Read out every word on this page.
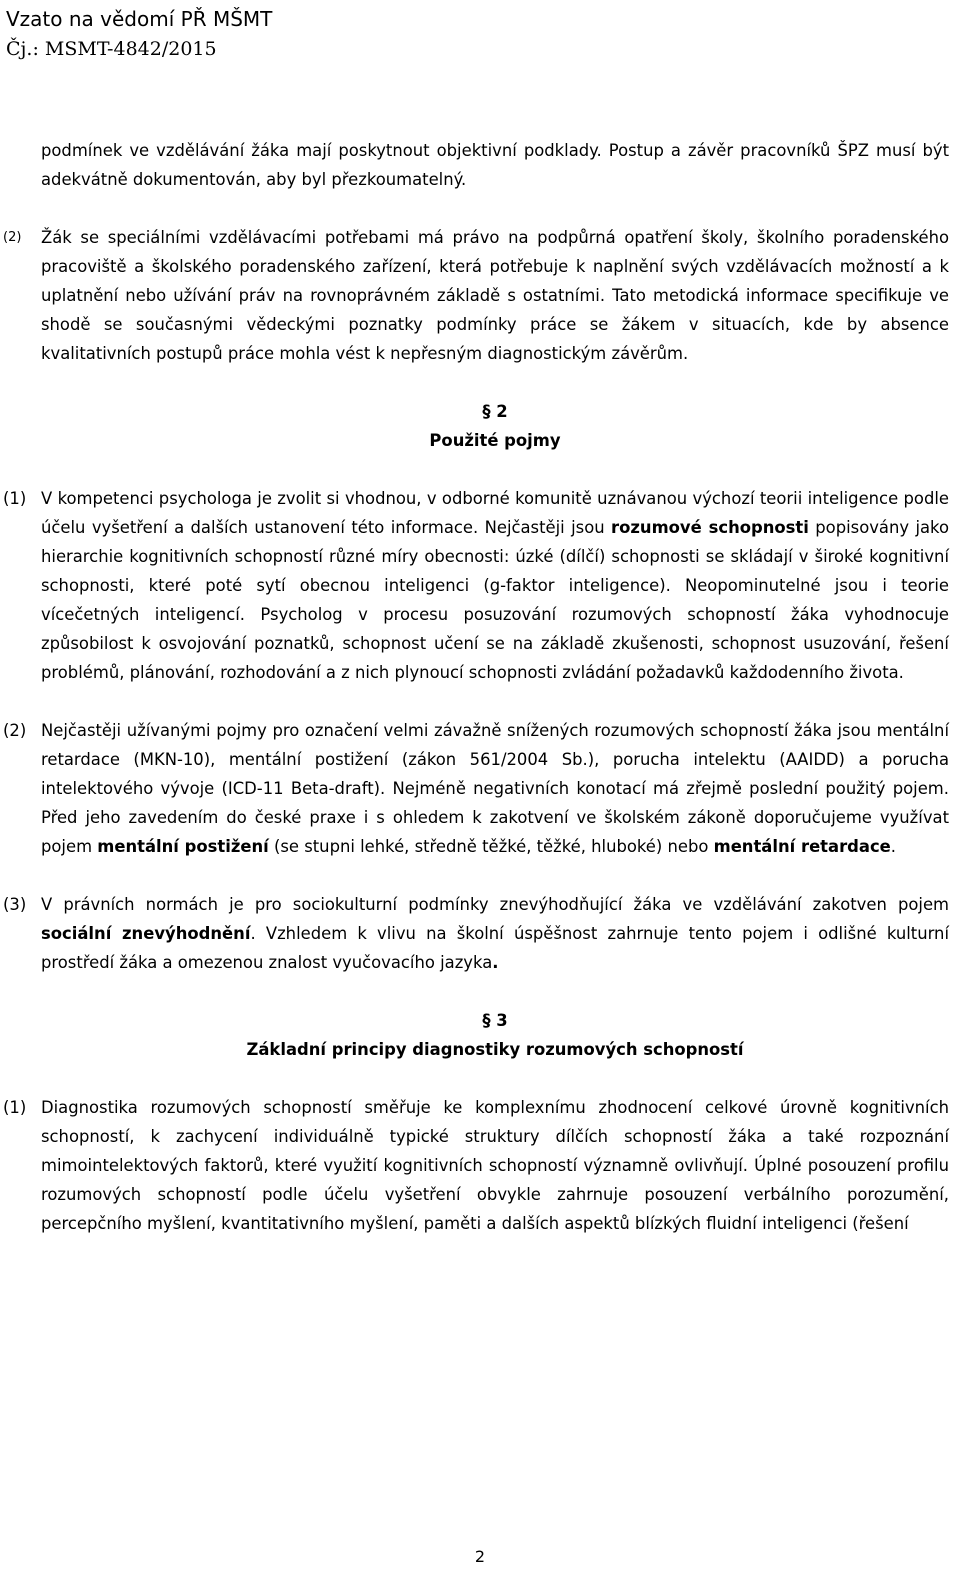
Vzato na vědomí PŘ MŠMT
Čj.: MSMT-4842/2015

podmínek ve vzdělávání žáka mají poskytnout objektivní podklady. Postup a závěr pracovníků ŠPZ musí být adekvátně dokumentován, aby byl přezkoumatelný.

(2) Žák se speciálními vzdělávacími potřebami má právo na podpůrná opatření školy, školního poradenského pracoviště a školského poradenského zařízení, která potřebuje k naplnění svých vzdělávacích možností a k uplatnění nebo užívání práv na rovnoprávném základě s ostatními. Tato metodická informace specifikuje ve shodě se současnými vědeckými poznatky podmínky práce se žákem v situacích, kde by absence kvalitativních postupů práce mohla vést k nepřesným diagnostickým závěrům.
§ 2
Použité pojmy
(1) V kompetenci psychologa je zvolit si vhodnou, v odborné komunitě uznávanou výchozí teorii inteligence podle účelu vyšetření a dalších ustanovení této informace. Nejčastěji jsou rozumové schopnosti popisovány jako hierarchie kognitivních schopností různé míry obecnosti: úzké (dílčí) schopnosti se skládají v široké kognitivní schopnosti, které poté sytí obecnou inteligenci (g-faktor inteligence). Neopominutelné jsou i teorie vícečetných inteligencí. Psycholog v procesu posuzování rozumových schopností žáka vyhodnocuje způsobilost k osvojování poznatků, schopnost učení se na základě zkušenosti, schopnost usuzování, řešení problémů, plánování, rozhodování a z nich plynoucí schopnosti zvládání požadavků každodenního života.
(2) Nejčastěji užívanými pojmy pro označení velmi závažně snížených rozumových schopností žáka jsou mentální retardace (MKN-10), mentální postižení (zákon 561/2004 Sb.), porucha intelektu (AAIDD) a porucha intelektového vývoje (ICD-11 Beta-draft). Nejméně negativních konotací má zřejmě poslední použitý pojem. Před jeho zavedením do české praxe i s ohledem k zakotvení ve školském zákoně doporučujeme využívat pojem mentální postižení (se stupni lehké, středně těžké, těžké, hluboké) nebo mentální retardace.
(3) V právních normách je pro sociokulturní podmínky znevýhodňující žáka ve vzdělávání zakotven pojem sociální znevýhodnění. Vzhledem k vlivu na školní úspěšnost zahrnuje tento pojem i odlišné kulturní prostředí žáka a omezenou znalost vyučovacího jazyka.
§ 3
Základní principy diagnostiky rozumových schopností
(1) Diagnostika rozumových schopností směřuje ke komplexnímu zhodnocení celkové úrovně kognitivních schopností, k zachycení individuálně typické struktury dílčích schopností žáka a také rozpoznání mimointelektových faktorů, které využití kognitivních schopností významně ovlivňují. Úplné posouzení profilu rozumových schopností podle účelu vyšetření obvykle zahrnuje posouzení verbálního porozumění, percepčního myšlení, kvantitativního myšlení, paměti a dalších aspektů blízkých fluidní inteligenci (řešení
2
